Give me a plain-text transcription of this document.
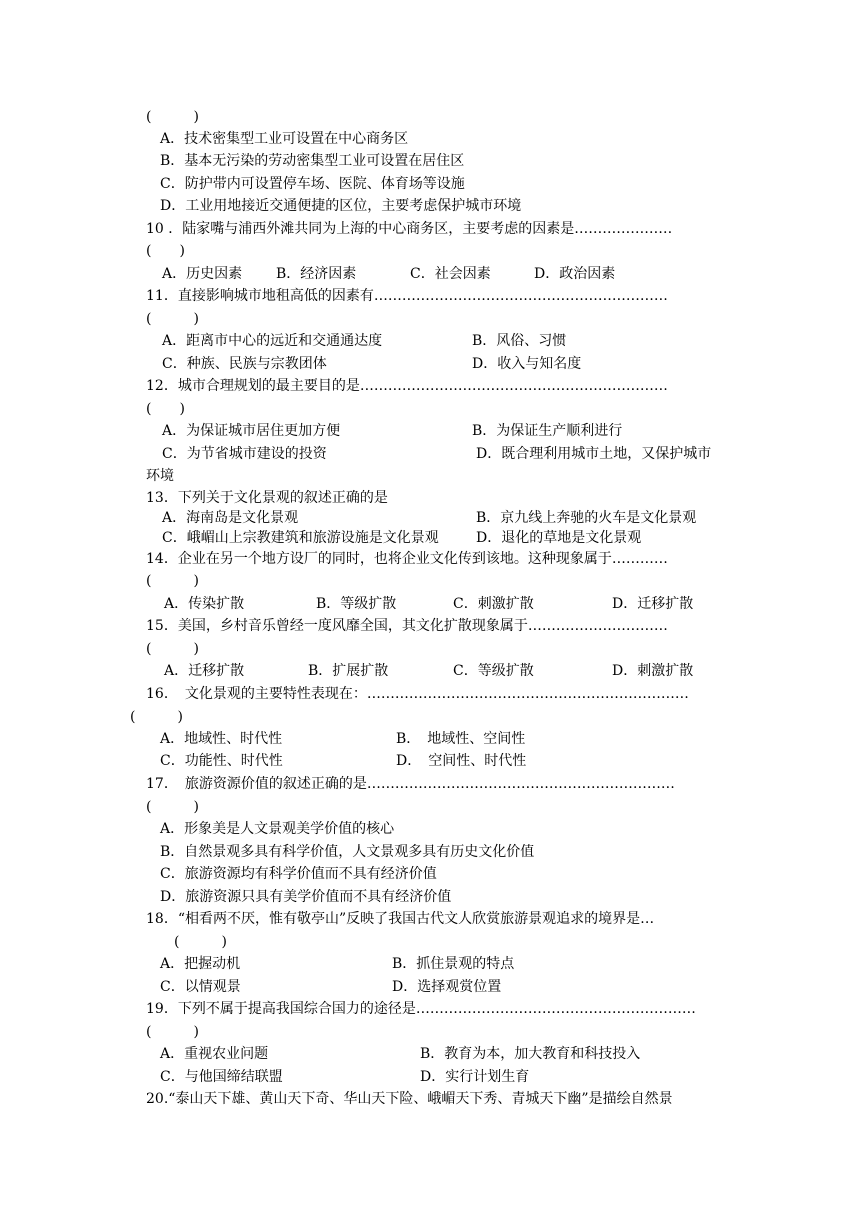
(　　　)
A．技术密集型工业可设置在中心商务区
B．基本无污染的劳动密集型工业可设置在居住区
C．防护带内可设置停车场、医院、体育场等设施
D．工业用地接近交通便捷的区位，主要考虑保护城市环境
10 ．陆家嘴与浦西外滩共同为上海的中心商务区，主要考虑的因素是…………………
(　　)
A．历史因素 B．经济因素	C．社会因素	D．政治因素
11．直接影响城市地租高低的因素有………………………………………………………
(　　　)
A．距离市中心的远近和交通通达度	B．风俗、习惯
C．种族、民族与宗教团体	D．收入与知名度
12．城市合理规划的最主要目的是…………………………………………………………
(　　)
A．为保证城市居住更加方便	B．为保证生产顺利进行
C．为节省城市建设的投资	D．既合理利用城市土地，又保护城市
环境
13．下列关于文化景观的叙述正确的是
A．海南岛是文化景观	B．京九线上奔驰的火车是文化景观
C．峨嵋山上宗教建筑和旅游设施是文化景观	D．退化的草地是文化景观
14．企业在另一个地方设厂的同时，也将企业文化传到该地。这种现象属于…………
(　　　)
A．传染扩散	B．等级扩散	C．刺激扩散	D．迁移扩散
15．美国，乡村音乐曾经一度风靡全国，其文化扩散现象属于…………………………
(　　　)
A．迁移扩散	B．扩展扩散	C．等级扩散	D．刺激扩散
16．　文化景观的主要特性表现在：……………………………………………………………
(　　　)
A．地域性、时代性	B．　地域性、空间性
C．功能性、时代性	D．　空间性、时代性
17．　旅游资源价值的叙述正确的是…………………………………………………………
(　　　)
A．形象美是人文景观美学价值的核心
B．自然景观多具有科学价值，人文景观多具有历史文化价值
C．旅游资源均有科学价值而不具有经济价值
D．旅游资源只具有美学价值而不具有经济价值
18．“相看两不厌，惟有敬亭山”反映了我国古代文人欣赏旅游景观追求的境界是…
(　　　)
A．把握动机	B．抓住景观的特点
C．以情观景	D．选择观赏位置
19．下列不属于提高我国综合国力的途径是……………………………………………………
(　　　)
A．重视农业问题	B．教育为本，加大教育和科技投入
C．与他国缔结联盟	D．实行计划生育
20.“泰山天下雄、黄山天下奇、华山天下险、峨嵋天下秀、青城天下幽”是描绘自然景
